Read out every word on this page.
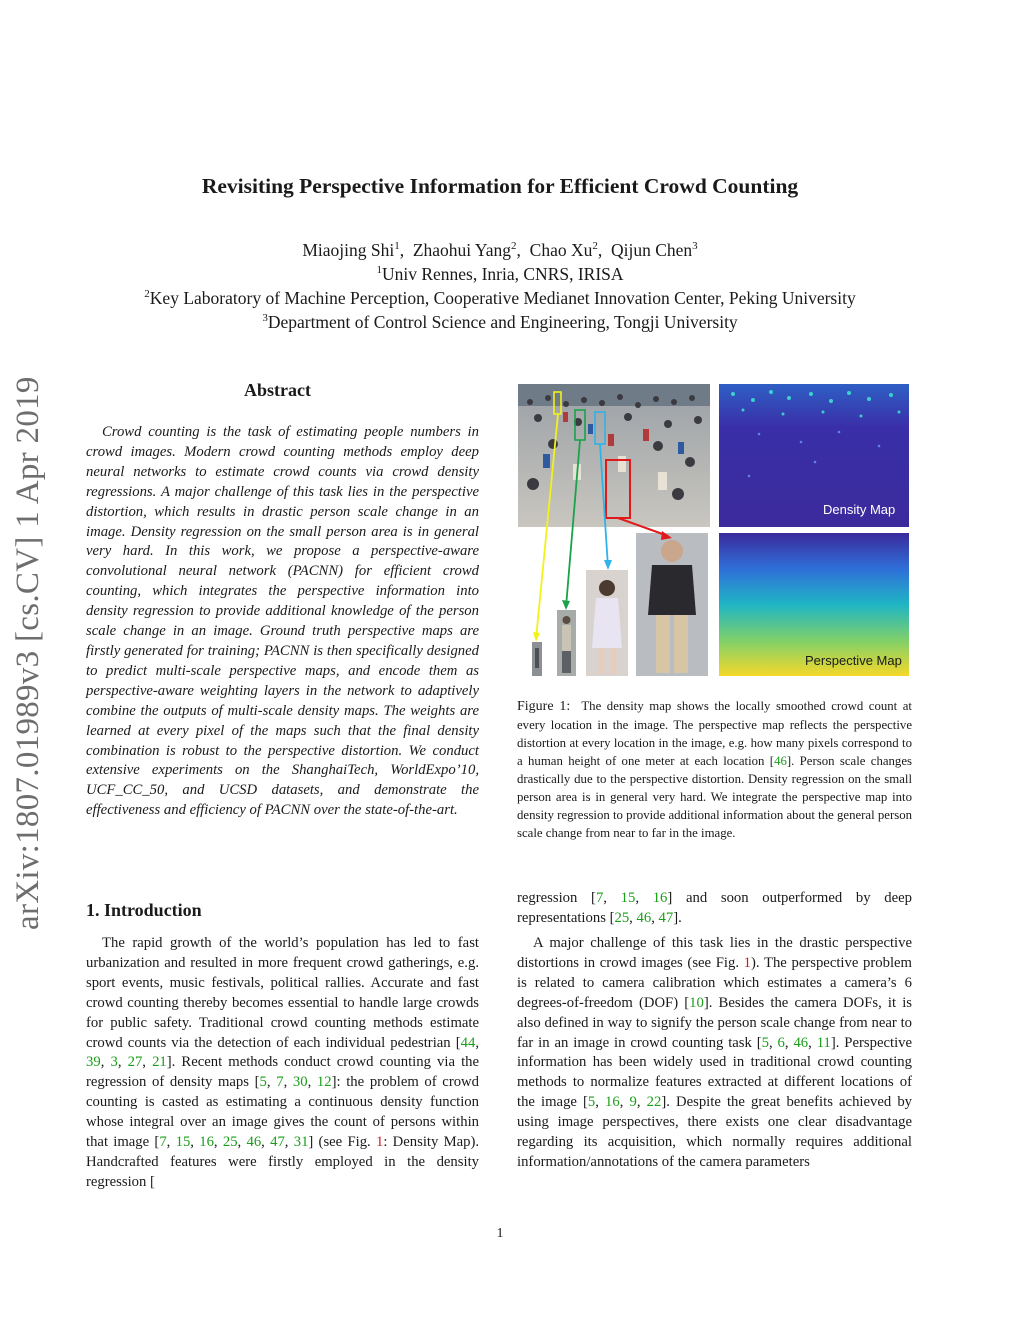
Revisiting Perspective Information for Efficient Crowd Counting
Miaojing Shi$^1$,  Zhaohui Yang$^2$,  Chao Xu$^2$,  Qijun Chen$^3$
$^1$Univ Rennes, Inria, CNRS, IRISA
$^2$Key Laboratory of Machine Perception, Cooperative Medianet Innovation Center, Peking University
$^3$Department of Control Science and Engineering, Tongji University
arXiv:1807.01989v3 [cs.CV] 1 Apr 2019	Abstract
Crowd counting is the task of estimating people numbers in crowd images. Modern crowd counting methods employ deep neural networks to estimate crowd counts via crowd density regressions. A major challenge of this task lies in the perspective distortion, which results in drastic person scale change in an image. Density regression on the small person area is in general very hard. In this work, we propose a perspective-aware convolutional neural network (PACNN) for efficient crowd counting, which integrates the perspective information into density regression to provide additional knowledge of the person scale change in an image. Ground truth perspective maps are firstly generated for training; PACNN is then specifically designed to predict multi-scale perspective maps, and encode them as perspective-aware weighting layers in the network to adaptively combine the outputs of multi-scale density maps. The weights are learned at every pixel of the maps such that the final density combination is robust to the perspective distortion. We conduct extensive experiments on the ShanghaiTech, WorldExpo’10, UCF_CC_50, and UCSD datasets, and demonstrate the effectiveness and efficiency of PACNN over the state-of-the-art.
1. Introduction
The rapid growth of the world’s population has led to fast urbanization and resulted in more frequent crowd gatherings, e.g. sport events, music festivals, political rallies. Accurate and fast crowd counting thereby becomes essential to handle large crowds for public safety. Traditional crowd counting methods estimate crowd counts via the detection of each individual pedestrian [44, 39, 3, 27, 21]. Recent methods conduct crowd counting via the regression of density maps [5, 7, 30, 12]: the problem of crowd counting is casted as estimating a continuous density function whose integral over an image gives the count of persons within that image [7, 15, 16, 25, 46, 47, 31] (see Fig. 1: Density Map). Handcrafted features were firstly employed in the density regression [
regression [7, 15, 16] and soon outperformed by deep representations [25, 46, 47].
A major challenge of this task lies in the drastic perspective distortions in crowd images (see Fig. 1). The perspective problem is related to camera calibration which estimates a camera’s 6 degrees-of-freedom (DOF) [10]. Besides the camera DOFs, it is also defined in way to signify the person scale change from near to far in an image in crowd counting task [5, 6, 46, 11]. Perspective information has been widely used in traditional crowd counting methods to normalize features extracted at different locations of the image [5, 16, 9, 22]. Despite the great benefits achieved by using image perspectives, there exists one clear disadvantage regarding its acquisition, which normally requires additional information/annotations of the camera parameters
Density Map
Perspective Map
Figure 1: The density map shows the locally smoothed crowd count at every location in the image. The perspective map reflects the perspective distortion at every location in the image, e.g. how many pixels correspond to a human height of one meter at each location [46]. Person scale changes drastically due to the perspective distortion. Density regression on the small person area is in general very hard. We integrate the perspective map into density regression to provide additional information about the general person scale change from near to far in the image.
1
